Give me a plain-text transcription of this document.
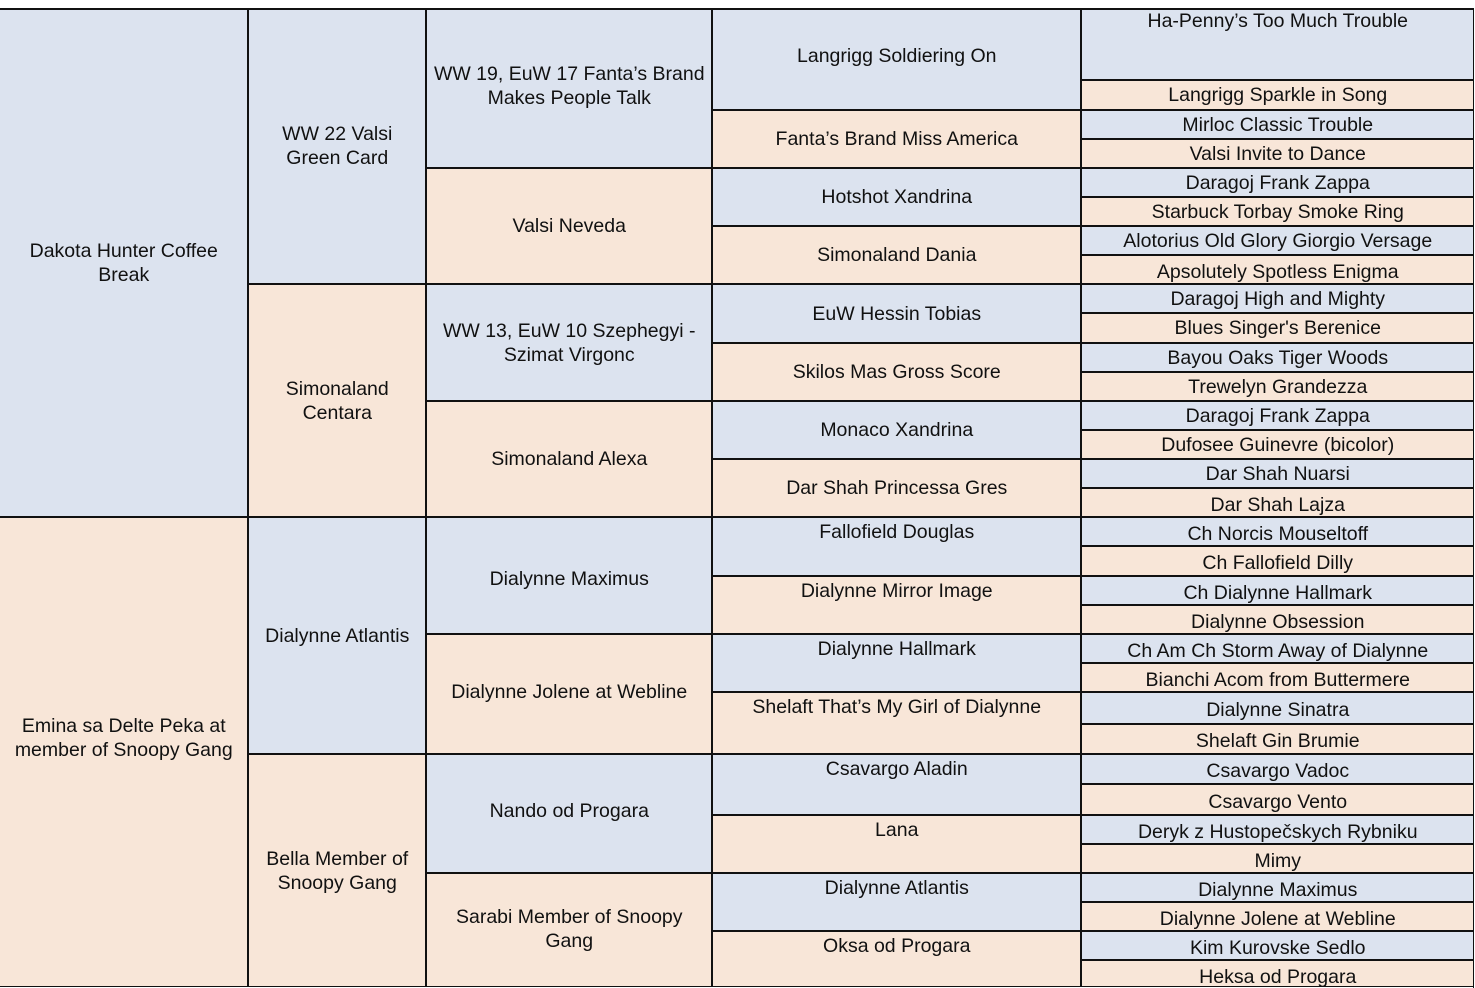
Dakota Hunter Coffee Break
Emina sa Delte Peka at member of Snoopy Gang
WW 22 Valsi Green Card
Simonaland Centara
Dialynne Atlantis
Bella Member of Snoopy Gang
WW 19, EuW 17 Fanta’s Brand Makes People Talk
Valsi Neveda
WW 13, EuW 10 Szephegyi -Szimat Virgonc
Simonaland Alexa
Dialynne Maximus
Dialynne Jolene at Webline
Nando od Progara
Sarabi Member of Snoopy Gang
Langrigg Soldiering On
Fanta’s Brand Miss America
Hotshot Xandrina
Simonaland Dania
EuW Hessin Tobias
Skilos Mas Gross Score
Monaco Xandrina
Dar Shah Princessa Gres
Fallofield Douglas
Dialynne Mirror Image
Dialynne Hallmark
Shelaft That’s My Girl of Dialynne
Csavargo Aladin
Lana
Dialynne Atlantis
Oksa od Progara
Ha-Penny’s Too Much Trouble
Langrigg Sparkle in Song
Mirloc Classic Trouble
Valsi Invite to Dance
Daragoj Frank Zappa
Starbuck Torbay Smoke Ring
Alotorius Old Glory Giorgio Versage
Apsolutely Spotless Enigma
Daragoj High and Mighty
Blues Singer's Berenice
Bayou Oaks Tiger Woods
Trewelyn Grandezza
Daragoj Frank Zappa
Dufosee Guinevre (bicolor)
Dar Shah Nuarsi
Dar Shah Lajza
Ch Norcis Mouseltoff
Ch Fallofield Dilly
Ch Dialynne Hallmark
Dialynne Obsession
Ch Am Ch Storm Away of Dialynne
Bianchi Acom from Buttermere
Dialynne Sinatra
Shelaft Gin Brumie
Csavargo Vadoc
Csavargo Vento
Deryk z Hustopečskych Rybniku
Mimy
Dialynne Maximus
Dialynne Jolene at Webline
Kim Kurovske Sedlo
Heksa od Progara
